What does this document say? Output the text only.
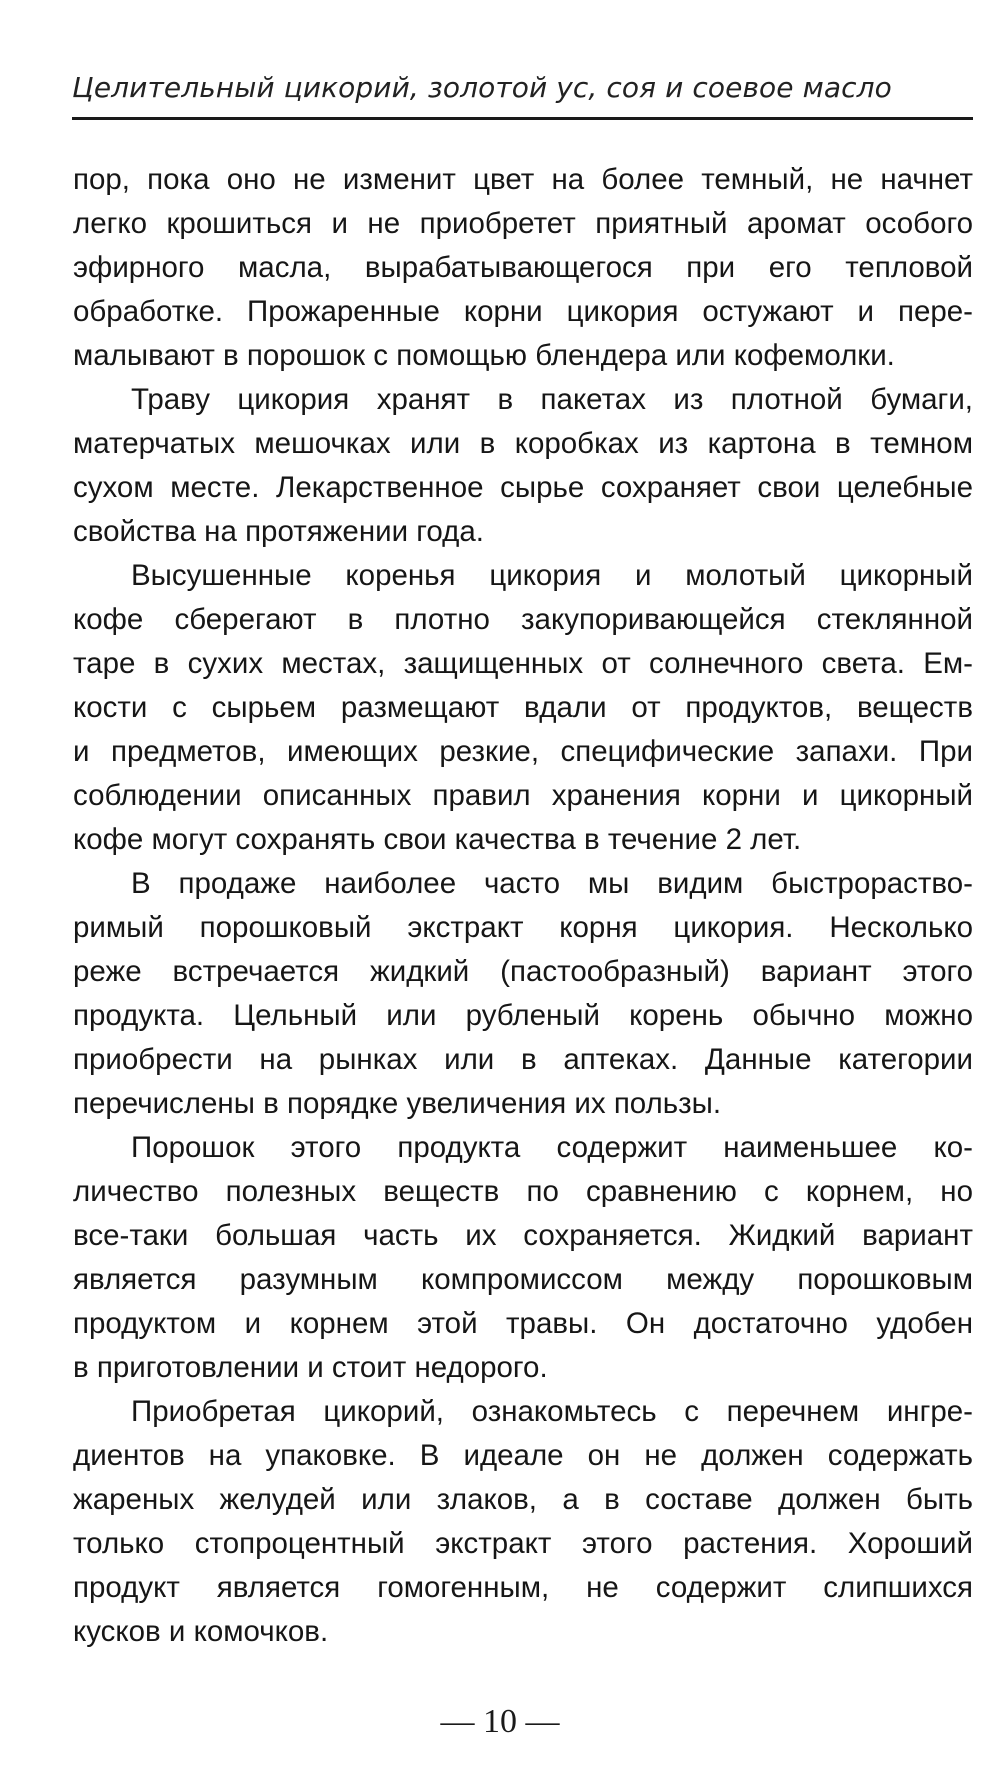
Целительный цикорий, золотой ус, соя и соевое масло
пор, пока оно не изменит цвет на более темный, не начнет
легко крошиться и не приобретет приятный аромат особого
эфирного масла, вырабатывающегося при его тепловой
обработке. Прожаренные корни цикория остужают и пере-
малывают в порошок с помощью блендера или кофемолки.
Траву цикория хранят в пакетах из плотной бумаги,
матерчатых мешочках или в коробках из картона в темном
сухом месте. Лекарственное сырье сохраняет свои целебные
свойства на протяжении года.
Высушенные коренья цикория и молотый цикорный
кофе сберегают в плотно закупоривающейся стеклянной
таре в сухих местах, защищенных от солнечного света. Ем-
кости с сырьем размещают вдали от продуктов, веществ
и предметов, имеющих резкие, специфические запахи. При
соблюдении описанных правил хранения корни и цикорный
кофе могут сохранять свои качества в течение 2 лет.
В продаже наиболее часто мы видим быстрораство-
римый порошковый экстракт корня цикория. Несколько
реже встречается жидкий (пастообразный) вариант этого
продукта. Цельный или рубленый корень обычно можно
приобрести на рынках или в аптеках. Данные категории
перечислены в порядке увеличения их пользы.
Порошок этого продукта содержит наименьшее ко-
личество полезных веществ по сравнению с корнем, но
все-таки большая часть их сохраняется. Жидкий вариант
является разумным компромиссом между порошковым
продуктом и корнем этой травы. Он достаточно удобен
в приготовлении и стоит недорого.
Приобретая цикорий, ознакомьтесь с перечнем ингре-
диентов на упаковке. В идеале он не должен содержать
жареных желудей или злаков, а в составе должен быть
только стопроцентный экстракт этого растения. Хороший
продукт является гомогенным, не содержит слипшихся
кусков и комочков.
— 10 —
